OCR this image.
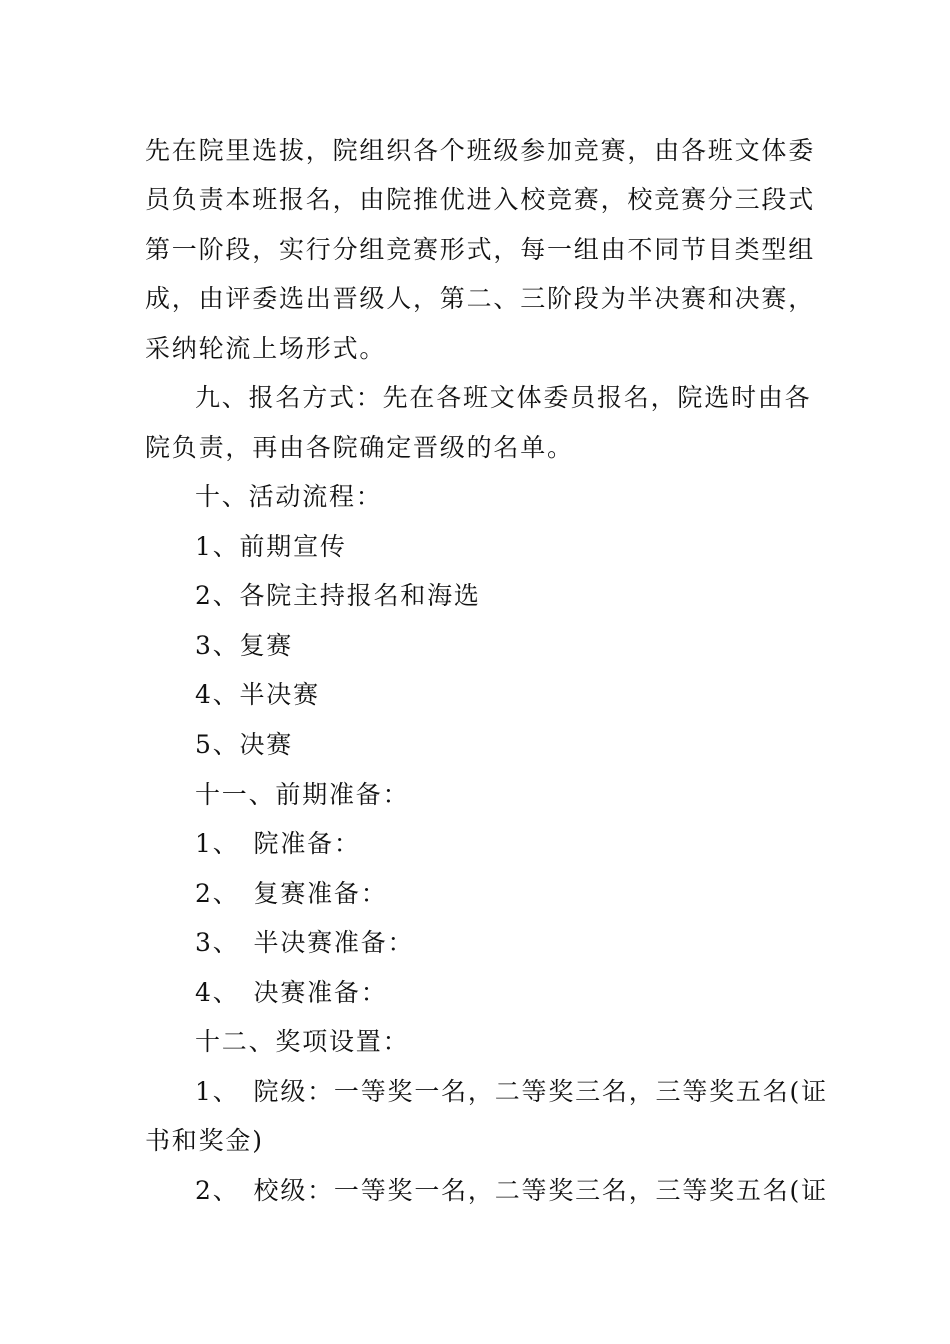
先在院里选拔，院组织各个班级参加竞赛，由各班文体委
员负责本班报名，由院推优进入校竞赛，校竞赛分三段式
第一阶段，实行分组竞赛形式，每一组由不同节目类型组
成，由评委选出晋级人，第二、三阶段为半决赛和决赛，
采纳轮流上场形式。
九、报名方式：先在各班文体委员报名，院选时由各
院负责，再由各院确定晋级的名单。
十、活动流程：
1、前期宣传
2、各院主持报名和海选
3、复赛
4、半决赛
5、决赛
十一、前期准备：
1、 院准备：
2、 复赛准备：
3、 半决赛准备：
4、 决赛准备：
十二、奖项设置：
1、 院级：一等奖一名，二等奖三名，三等奖五名(证
书和奖金)
2、 校级：一等奖一名，二等奖三名，三等奖五名(证
